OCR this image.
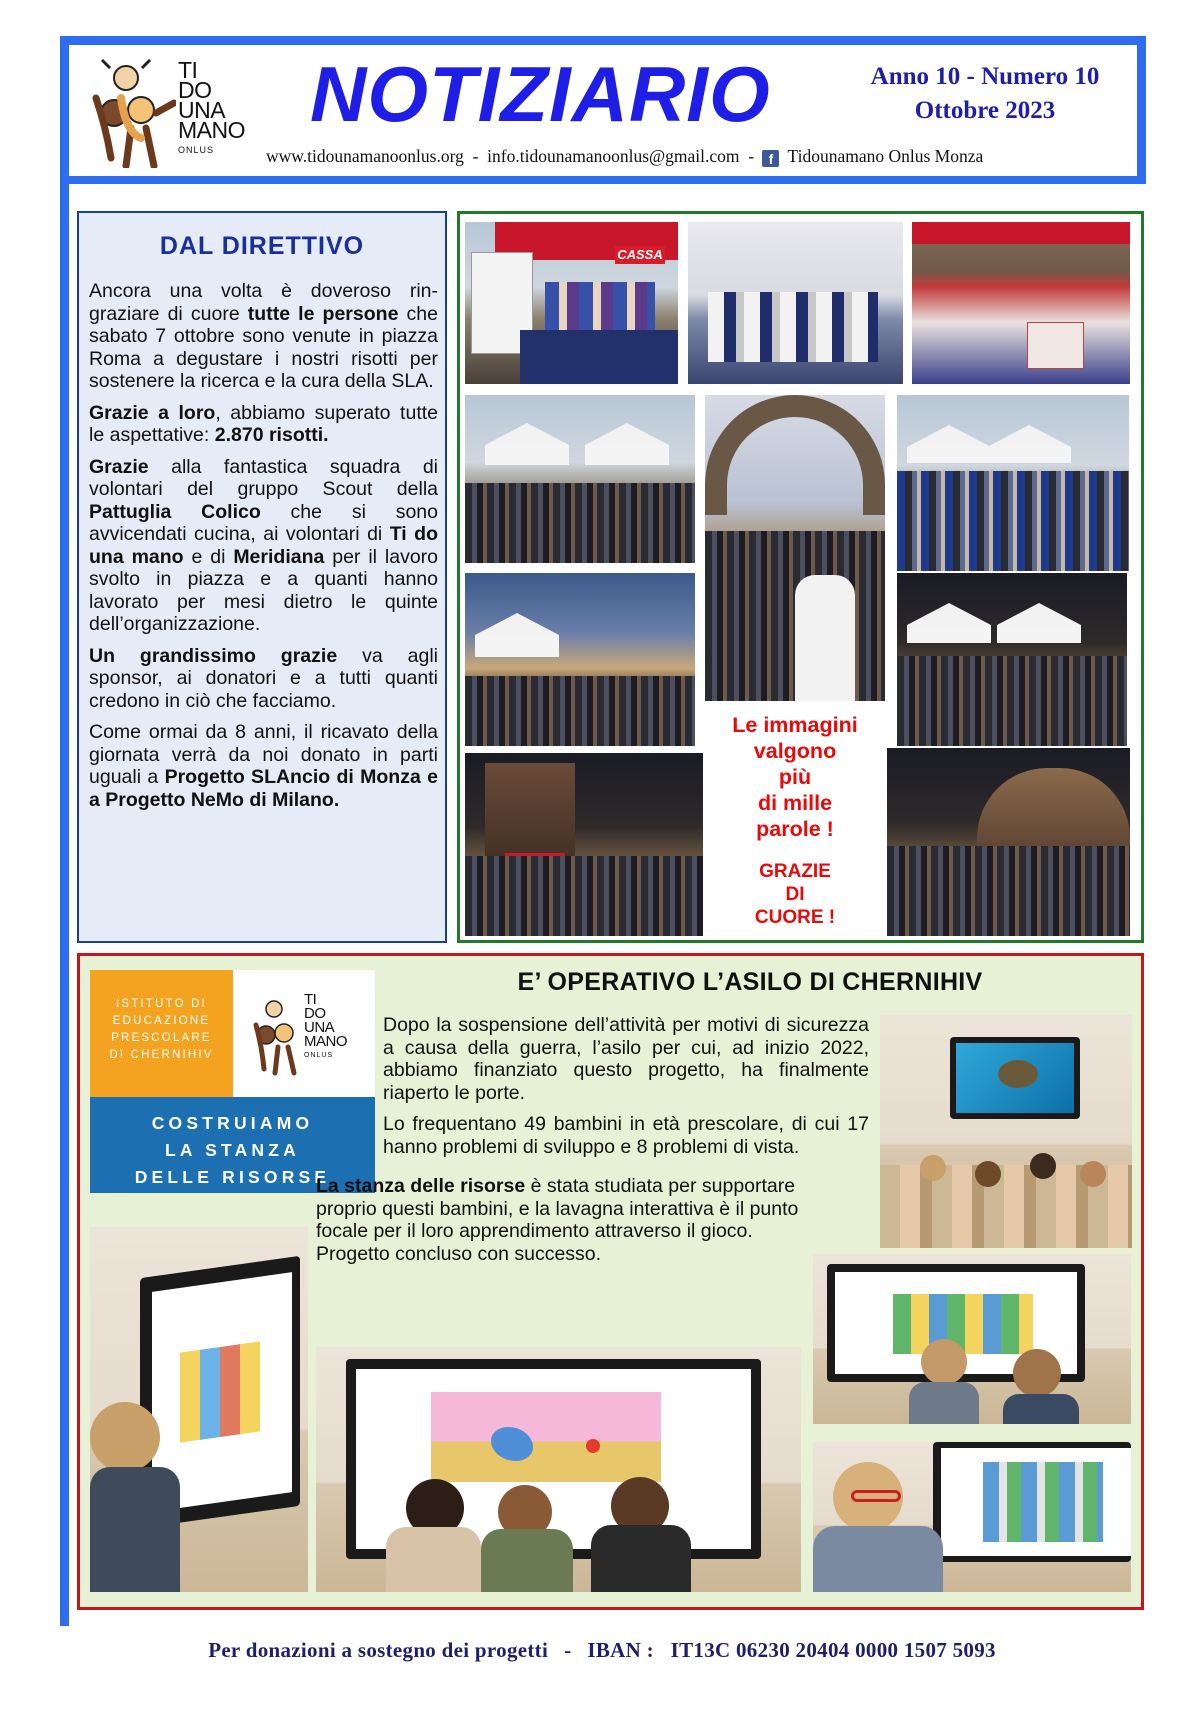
TI
DO
UNA
MANO
ONLUS
NOTIZIARIO	Anno 10 - Numero 10
Ottobre 2023
www.tidounamanoonlus.org - info.tidounamanoonlus@gmail.com - f Tidounamano Onlus Monza
DAL DIRETTIVO

Ancora una volta è doveroso rin-graziare di cuore tutte le persone che sabato 7 ottobre sono venute in piazza Roma a degustare i nostri risotti per sostenere la ricerca e la cura della SLA.

Grazie a loro, abbiamo superato tutte le aspettative: 2.870 risotti.

Grazie alla fantastica squadra di volontari del gruppo Scout della Pattuglia Colico che si sono avvicendati cucina, ai volontari di Ti do una mano e di Meridiana per il lavoro svolto in piazza e a quanti hanno lavorato per mesi dietro le quinte dell’organizzazione.

Un grandissimo grazie va agli sponsor, ai donatori e a tutti quanti credono in ciò che facciamo.

Come ormai da 8 anni, il ricavato della giornata verrà da noi donato in parti uguali a Progetto SLAncio di Monza e a Progetto NeMo di Milano.

CASSA
Le immagini
valgono
più
di mille
parole !
GRAZIE
DI
CUORE !
ISTITUTO DI
EDUCAZIONE
PRESCOLARE
DI CHERNIHIV
TI
DO
UNA
MANO
ONLUS
COSTRUIAMO
LA STANZA
DELLE RISORSE
E’ OPERATIVO L’ASILO DI CHERNIHIV

Dopo la sospensione dell’attività per motivi di sicurezza a causa della guerra, l’asilo per cui, ad inizio 2022, abbiamo finanziato questo progetto, ha finalmente riaperto le porte.

Lo frequentano 49 bambini in età prescolare, di cui 17 hanno problemi di sviluppo e 8 problemi di vista.

La stanza delle risorse è stata studiata per supportare proprio questi bambini, e la lavagna interattiva è il punto focale per il loro apprendimento attraverso il gioco.
Progetto concluso con successo.
Per donazioni a sostegno dei progetti - IBAN : IT13C 06230 20404 0000 1507 5093
